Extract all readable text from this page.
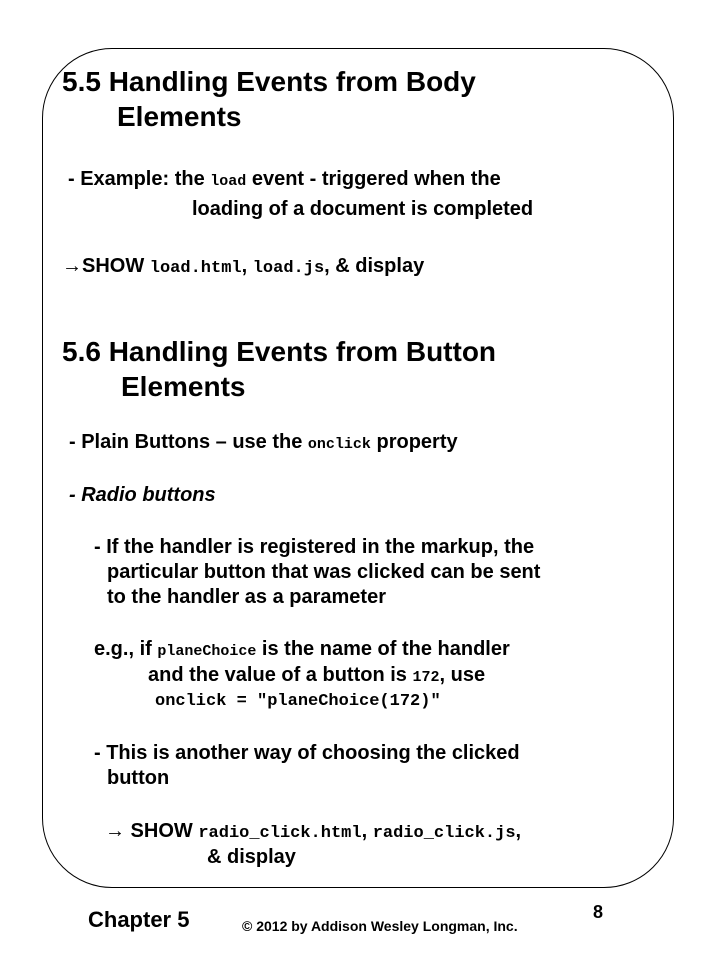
5.5 Handling Events from Body
Elements
- Example: the load event - triggered when the
loading of a document is completed
→SHOW load.html, load.js, & display
5.6 Handling Events from Button
Elements
- Plain Buttons – use the onclick property
- Radio buttons
- If the handler is registered in the markup, the
particular button that was clicked can be sent
to the handler as a parameter
e.g., if planeChoice is the name of the handler
and the value of a button is 172, use
onclick = ″planeChoice(172)″
- This is another way of choosing the clicked
button
→ SHOW radio_click.html, radio_click.js,
& display
Chapter 5	© 2012 by Addison Wesley Longman, Inc.
8
